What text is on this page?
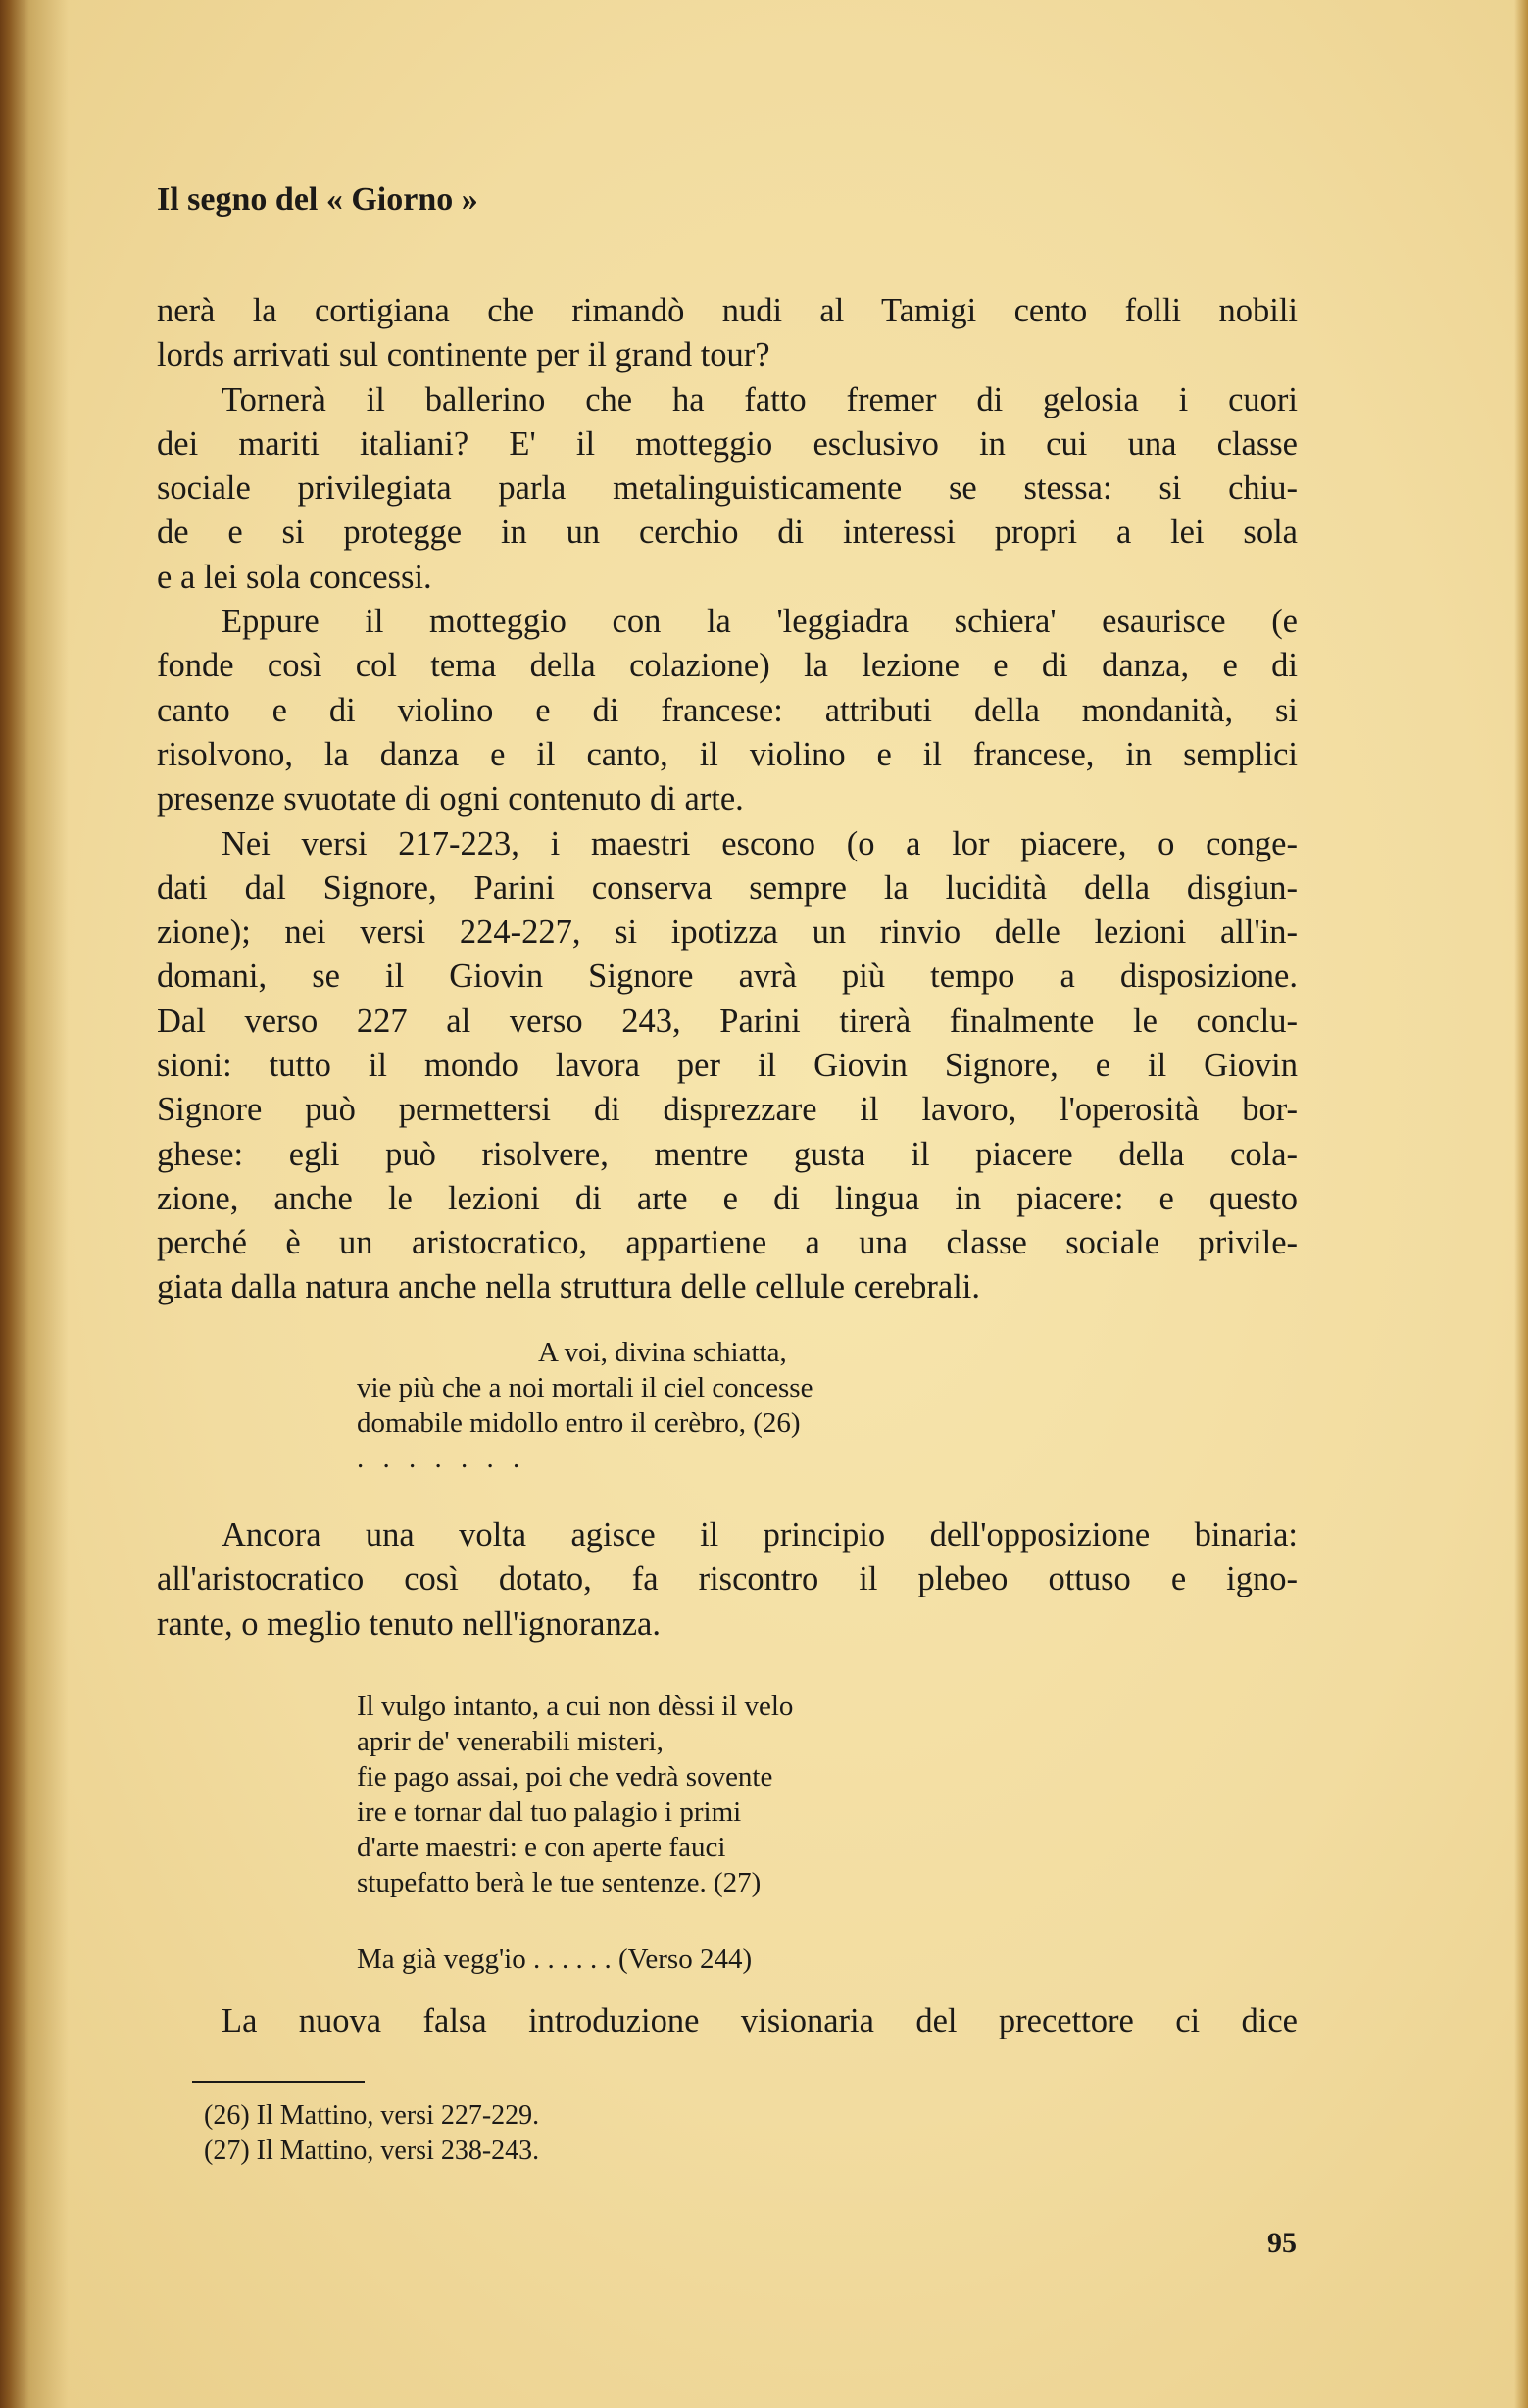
Il segno del « Giorno »
nerà la cortigiana che rimandò nudi al Tamigi cento folli nobili
lords arrivati sul continente per il grand tour?
Tornerà il ballerino che ha fatto fremer di gelosia i cuori
dei mariti italiani? E' il motteggio esclusivo in cui una classe
sociale privilegiata parla metalinguisticamente se stessa: si chiu-
de e si protegge in un cerchio di interessi propri a lei sola
e a lei sola concessi.
Eppure il motteggio con la 'leggiadra schiera' esaurisce (e
fonde così col tema della colazione) la lezione e di danza, e di
canto e di violino e di francese: attributi della mondanità, si
risolvono, la danza e il canto, il violino e il francese, in semplici
presenze svuotate di ogni contenuto di arte.
Nei versi 217-223, i maestri escono (o a lor piacere, o conge-
dati dal Signore, Parini conserva sempre la lucidità della disgiun-
zione); nei versi 224-227, si ipotizza un rinvio delle lezioni all'in-
domani, se il Giovin Signore avrà più tempo a disposizione.
Dal verso 227 al verso 243, Parini tirerà finalmente le conclu-
sioni: tutto il mondo lavora per il Giovin Signore, e il Giovin
Signore può permettersi di disprezzare il lavoro, l'operosità bor-
ghese: egli può risolvere, mentre gusta il piacere della cola-
zione, anche le lezioni di arte e di lingua in piacere: e questo
perché è un aristocratico, appartiene a una classe sociale privile-
giata dalla natura anche nella struttura delle cellule cerebrali.
A voi, divina schiatta,
vie più che a noi mortali il ciel concesse
domabile midollo entro il cerèbro, (26)
. . . . . . .
Ancora una volta agisce il principio dell'opposizione binaria:
all'aristocratico così dotato, fa riscontro il plebeo ottuso e igno-
rante, o meglio tenuto nell'ignoranza.
Il vulgo intanto, a cui non dèssi il velo
aprir de' venerabili misteri,
fie pago assai, poi che vedrà sovente
ire e tornar dal tuo palagio i primi
d'arte maestri: e con aperte fauci
stupefatto berà le tue sentenze. (27)
Ma già vegg'io . . . . . . (Verso 244)
La nuova falsa introduzione visionaria del precettore ci dice
(26) Il Mattino, versi 227-229.
(27) Il Mattino, versi 238-243.
95
